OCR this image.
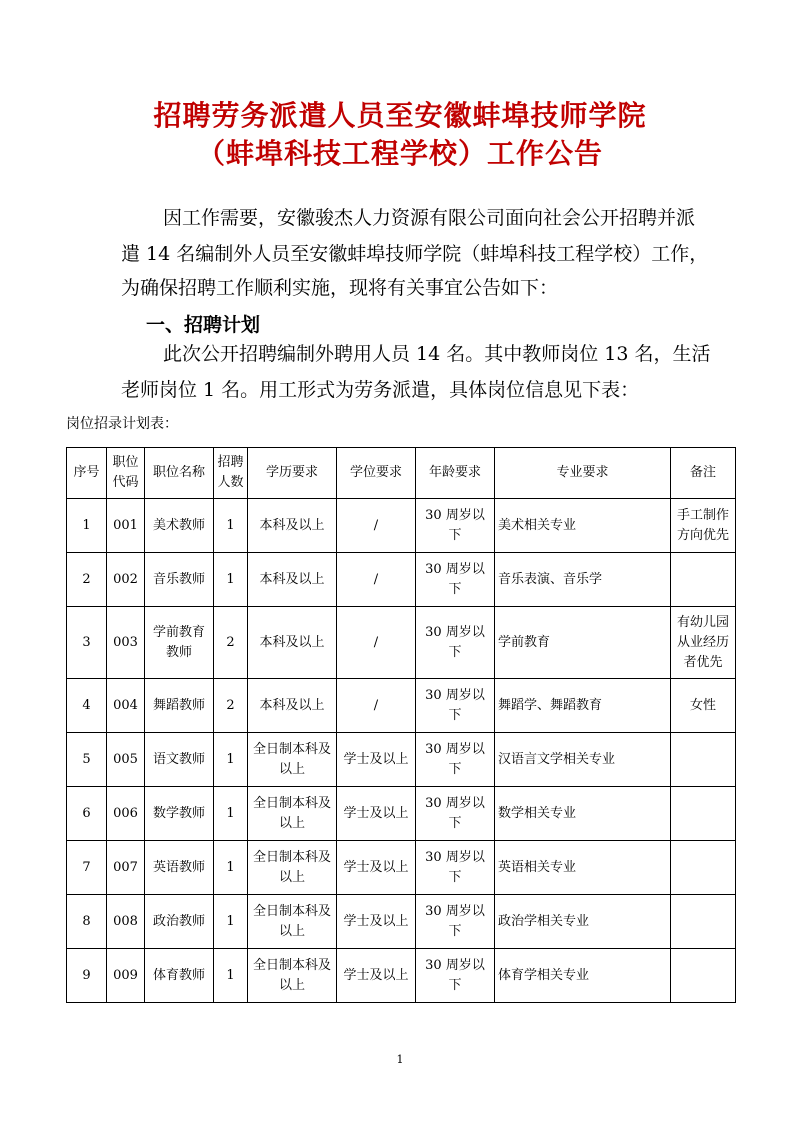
招聘劳务派遣人员至安徽蚌埠技师学院
（蚌埠科技工程学校）工作公告
因工作需要，安徽骏杰人力资源有限公司面向社会公开招聘并派
遣 14 名编制外人员至安徽蚌埠技师学院（蚌埠科技工程学校）工作，
为确保招聘工作顺利实施，现将有关事宜公告如下：
一、招聘计划
此次公开招聘编制外聘用人员 14 名。其中教师岗位 13 名，生活
老师岗位 1 名。用工形式为劳务派遣，具体岗位信息见下表：
岗位招录计划表：
序号	职位代码	职位名称	招聘人数	学历要求	学位要求	年龄要求	专业要求	备注
1	001	美术教师	1	本科及以上	/	30 周岁以下	美术相关专业	手工制作方向优先
2	002	音乐教师	1	本科及以上	/	30 周岁以下	音乐表演、音乐学	
3	003	学前教育教师	2	本科及以上	/	30 周岁以下	学前教育	有幼儿园从业经历者优先
4	004	舞蹈教师	2	本科及以上	/	30 周岁以下	舞蹈学、舞蹈教育	女性
5	005	语文教师	1	全日制本科及以上	学士及以上	30 周岁以下	汉语言文学相关专业	
6	006	数学教师	1	全日制本科及以上	学士及以上	30 周岁以下	数学相关专业	
7	007	英语教师	1	全日制本科及以上	学士及以上	30 周岁以下	英语相关专业	
8	008	政治教师	1	全日制本科及以上	学士及以上	30 周岁以下	政治学相关专业	
9	009	体育教师	1	全日制本科及以上	学士及以上	30 周岁以下	体育学相关专业	
1
